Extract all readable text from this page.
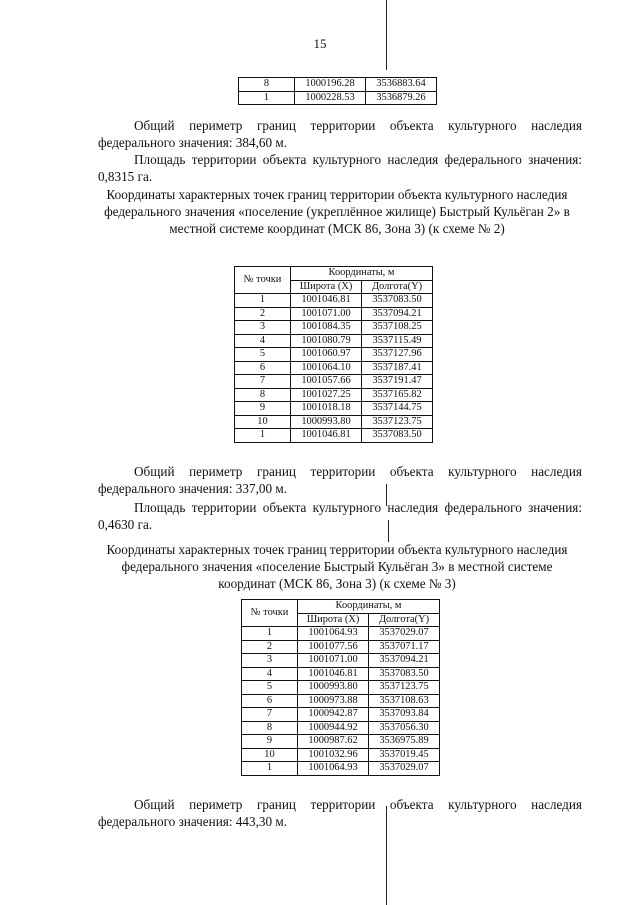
15
8	1000196.28	3536883.64
1	1000228.53	3536879.26

Общий периметр границ территории объекта культурного наследия федерального значения: 384,60 м.

Площадь территории объекта культурного наследия федерального значения: 0,8315 га.

Координаты характерных точек границ территории объекта культурного наследия федерального значения «поселение (укреплённое жилище) Быстрый Кульёган 2» в местной системе координат (МСК 86, Зона 3) (к схеме № 2)

№ точки	Координаты, м	
	Широта (X)	Долгота(Y)
1	1001046.81	3537083.50
2	1001071.00	3537094.21
3	1001084.35	3537108.25
4	1001080.79	3537115.49
5	1001060.97	3537127.96
6	1001064.10	3537187.41
7	1001057.66	3537191.47
8	1001027.25	3537165.82
9	1001018.18	3537144.75
10	1000993.80	3537123.75
1	1001046.81	3537083.50

Общий периметр границ территории объекта культурного наследия федерального значения: 337,00 м.

Площадь территории объекта культурного наследия федерального значения: 0,4630 га.

Координаты характерных точек границ территории объекта культурного наследия федерального значения «поселение Быстрый Кульёган 3» в местной системе координат (МСК 86, Зона 3) (к схеме № 3)

№ точки	Координаты, м	
	Широта (X)	Долгота(Y)
1	1001064.93	3537029.07
2	1001077.56	3537071.17
3	1001071.00	3537094.21
4	1001046.81	3537083.50
5	1000993.80	3537123.75
6	1000973.88	3537108.63
7	1000942.87	3537093.84
8	1000944.92	3537056.30
9	1000987.62	3536975.89
10	1001032.96	3537019.45
1	1001064.93	3537029.07

Общий периметр границ территории объекта культурного наследия федерального значения: 443,30 м.
